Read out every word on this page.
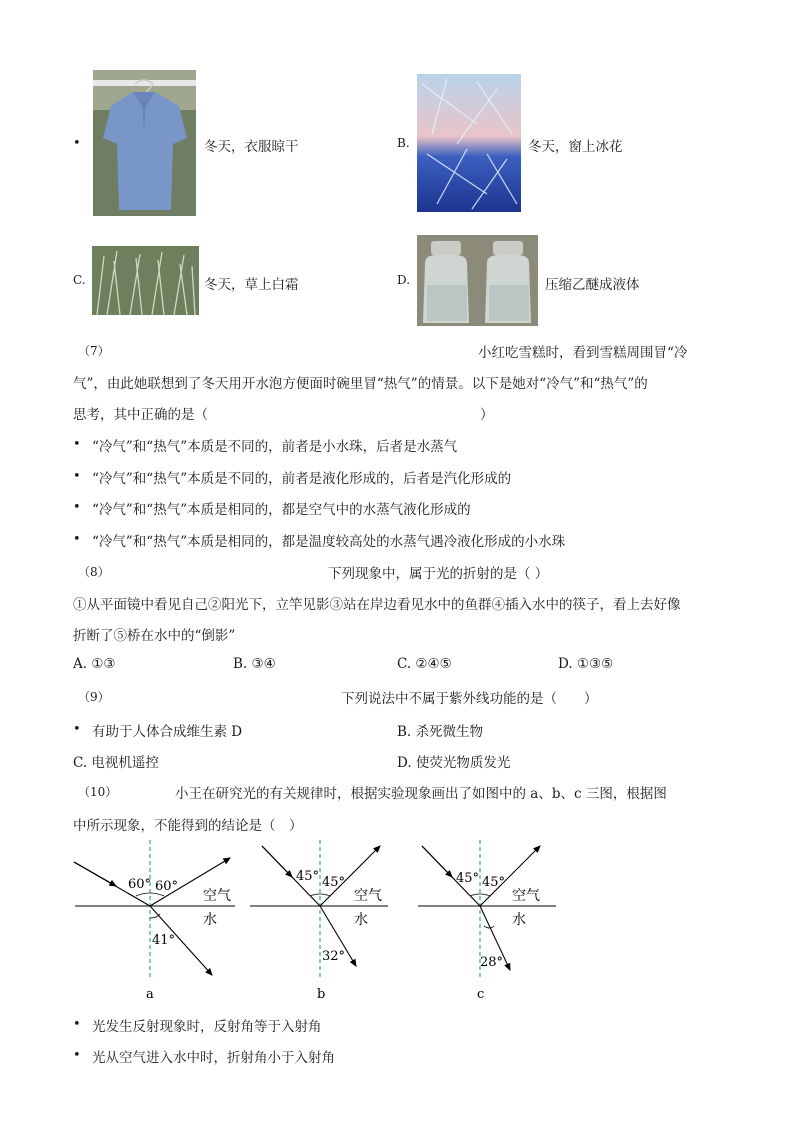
•	冬天，衣服晾干	B.	冬天，窗上冰花
C.	冬天，草上白霜	D.	压缩乙醚成液体
（7）	小红吃雪糕时，看到雪糕周围冒“冷
气”，由此她联想到了冬天用开水泡方便面时碗里冒“热气”的情景。以下是她对“冷气”和“热气”的
思考，其中正确的是（	）
• “冷气”和“热气”本质是不同的，前者是小水珠，后者是水蒸气
• “冷气”和“热气”本质是不同的，前者是液化形成的，后者是汽化形成的
• “冷气”和“热气”本质是相同的，都是空气中的水蒸气液化形成的
• “冷气”和“热气”本质是相同的，都是温度较高处的水蒸气遇冷液化形成的小水珠
（8）	下列现象中，属于光的折射的是（ ）
①从平面镜中看见自己②阳光下，立竿见影③站在岸边看见水中的鱼群④插入水中的筷子，看上去好像
折断了⑤桥在水中的“倒影”
A. ①③	B. ③④	C. ②④⑤	D. ①③⑤
（9）	下列说法中不属于紫外线功能的是（　　）
• 有助于人体合成维生素 D	B. 杀死微生物
C. 电视机遥控	D. 使荧光物质发光
（10）	小王在研究光的有关规律时，根据实验现象画出了如图中的 a、b、c 三图，根据图
中所示现象，不能得到的结论是（　）
60° 60°
41°
空气
水
a
45° 45°
32°
空气
水
b
45° 45°
28°
空气
水
c
• 光发生反射现象时，反射角等于入射角
• 光从空气进入水中时，折射角小于入射角
